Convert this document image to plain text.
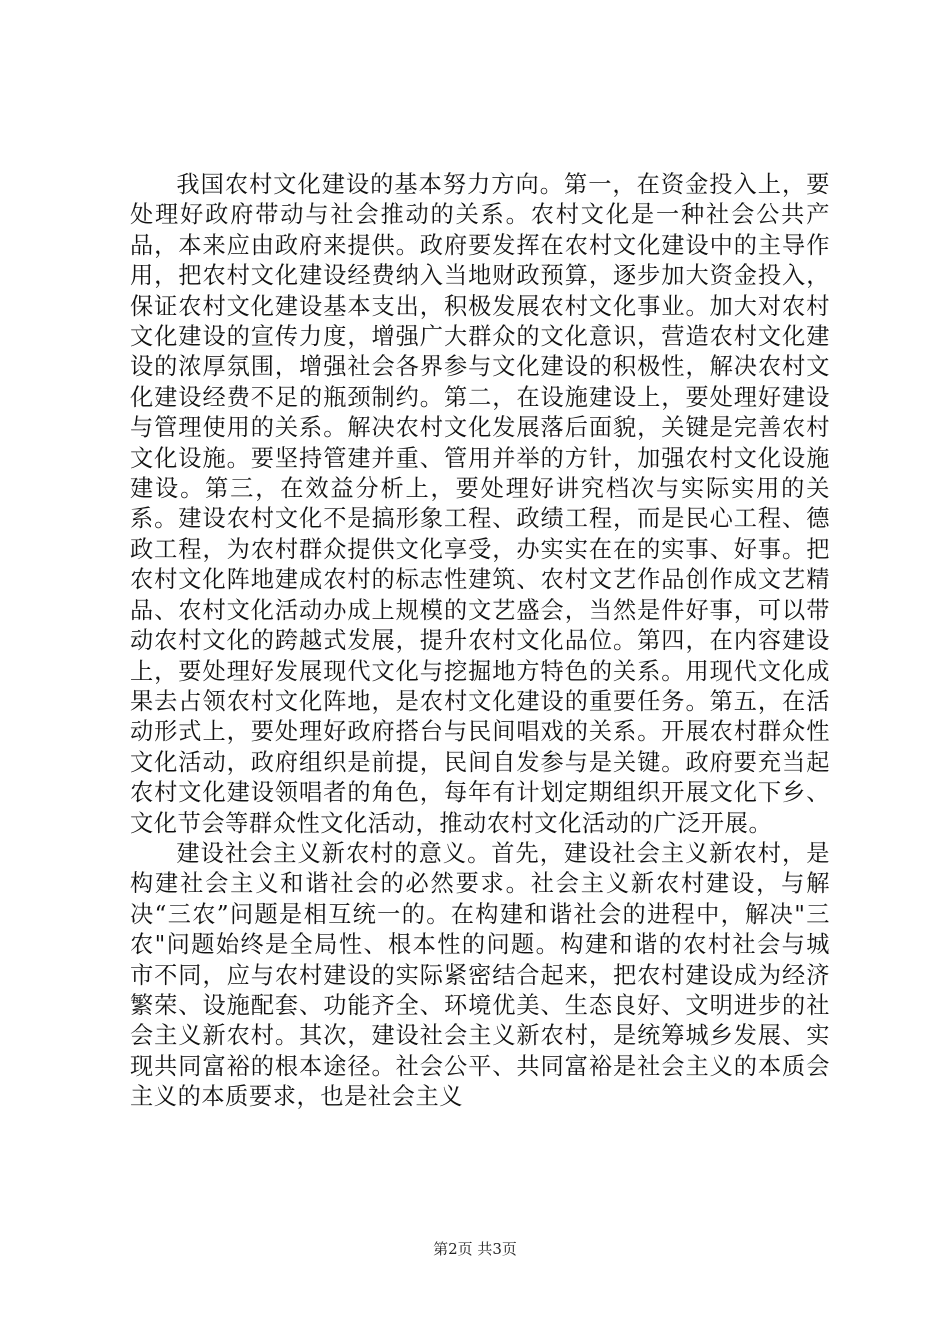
我国农村文化建设的基本努力方向。第一，在资金投入上，要处理好政府带动与社会推动的关系。农村文化是一种社会公共产品，本来应由政府来提供。政府要发挥在农村文化建设中的主导作用，把农村文化建设经费纳入当地财政预算，逐步加大资金投入，保证农村文化建设基本支出，积极发展农村文化事业。加大对农村文化建设的宣传力度，增强广大群众的文化意识，营造农村文化建设的浓厚氛围，增强社会各界参与文化建设的积极性，解决农村文化建设经费不足的瓶颈制约。第二，在设施建设上，要处理好建设与管理使用的关系。解决农村文化发展落后面貌，关键是完善农村文化设施。要坚持管建并重、管用并举的方针，加强农村文化设施建设。第三，在效益分析上，要处理好讲究档次与实际实用的关系。建设农村文化不是搞形象工程、政绩工程，而是民心工程、德政工程，为农村群众提供文化享受，办实实在在的实事、好事。把农村文化阵地建成农村的标志性建筑、农村文艺作品创作成文艺精品、农村文化活动办成上规模的文艺盛会，当然是件好事，可以带动农村文化的跨越式发展，提升农村文化品位。第四，在内容建设上，要处理好发展现代文化与挖掘地方特色的关系。用现代文化成果去占领农村文化阵地，是农村文化建设的重要任务。第五，在活动形式上，要处理好政府搭台与民间唱戏的关系。开展农村群众性文化活动，政府组织是前提，民间自发参与是关键。政府要充当起农村文化建设领唱者的角色，每年有计划定期组织开展文化下乡、文化节会等群众性文化活动，推动农村文化活动的广泛开展。

建设社会主义新农村的意义。首先，建设社会主义新农村，是构建社会主义和谐社会的必然要求。社会主义新农村建设，与解决“三农”问题是相互统一的。在构建和谐社会的进程中，解决"三农"问题始终是全局性、根本性的问题。构建和谐的农村社会与城市不同，应与农村建设的实际紧密结合起来，把农村建设成为经济繁荣、设施配套、功能齐全、环境优美、生态良好、文明进步的社会主义新农村。其次，建设社会主义新农村，是统筹城乡发展、实现共同富裕的根本途径。社会公平、共同富裕是社会主义的本质会主义的本质要求，也是社会主义

第2页 共3页
